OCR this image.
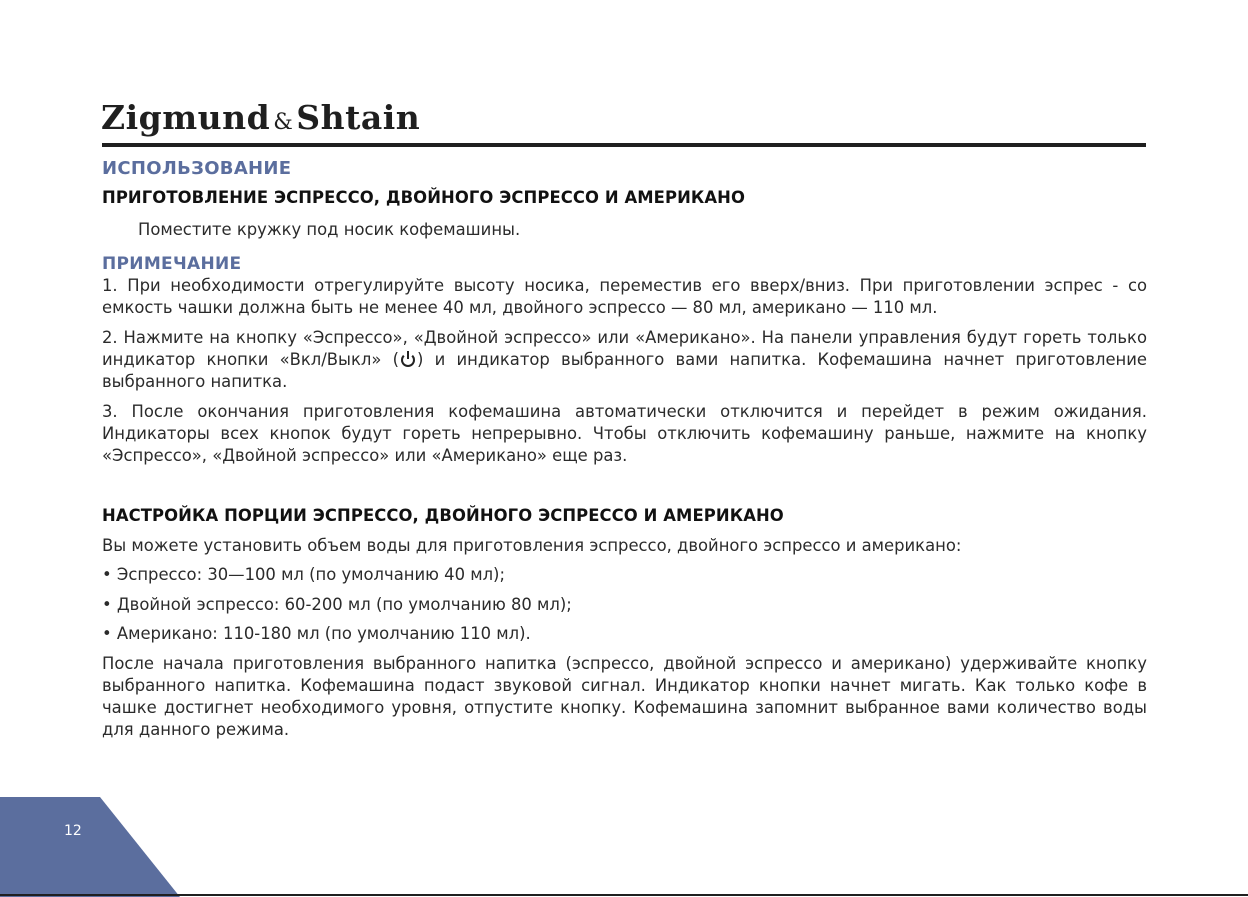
Zigmund &Shtain
ИСПОЛЬЗОВАНИЕ
ПРИГОТОВЛЕНИЕ ЭСПРЕССО, ДВОЙНОГО ЭСПРЕССО И АМЕРИКАНО
Поместите кружку под носик кофемашины.
ПРИМЕЧАНИЕ
1. При необходимости отрегулируйте высоту носика, переместив его вверх/вниз. При приготовлении эспрес - со емкость чашки должна быть не менее 40 мл, двойного эспрессо — 80 мл, американо — 110 мл.
2. Нажмите на кнопку «Эспрессо», «Двойной эспрессо» или «Американо». На панели управления будут гореть только индикатор кнопки «Вкл/Выкл» ( ) и индикатор выбранного вами напитка. Кофемашина начнет приготовление выбранного напитка.
3. После окончания приготовления кофемашина автоматически отключится и перейдет в режим ожидания. Индикаторы всех кнопок будут гореть непрерывно. Чтобы отключить кофемашину раньше, нажмите на кнопку «Эспрессо», «Двойной эспрессо» или «Американо» еще раз.
НАСТРОЙКА ПОРЦИИ ЭСПРЕССО, ДВОЙНОГО ЭСПРЕССО И АМЕРИКАНО
Вы можете установить объем воды для приготовления эспрессо, двойного эспрессо и американо:
• Эспрессо: 30—100 мл (по умолчанию 40 мл);
• Двойной эспрессо: 60-200 мл (по умолчанию 80 мл);
• Американо: 110-180 мл (по умолчанию 110 мл).
После начала приготовления выбранного напитка (эспрессо, двойной эспрессо и американо) удерживайте кнопку выбранного напитка. Кофемашина подаст звуковой сигнал. Индикатор кнопки начнет мигать. Как только кофе в чашке достигнет необходимого уровня, отпустите кнопку. Кофемашина запомнит выбранное вами количество воды для данного режима.
12
